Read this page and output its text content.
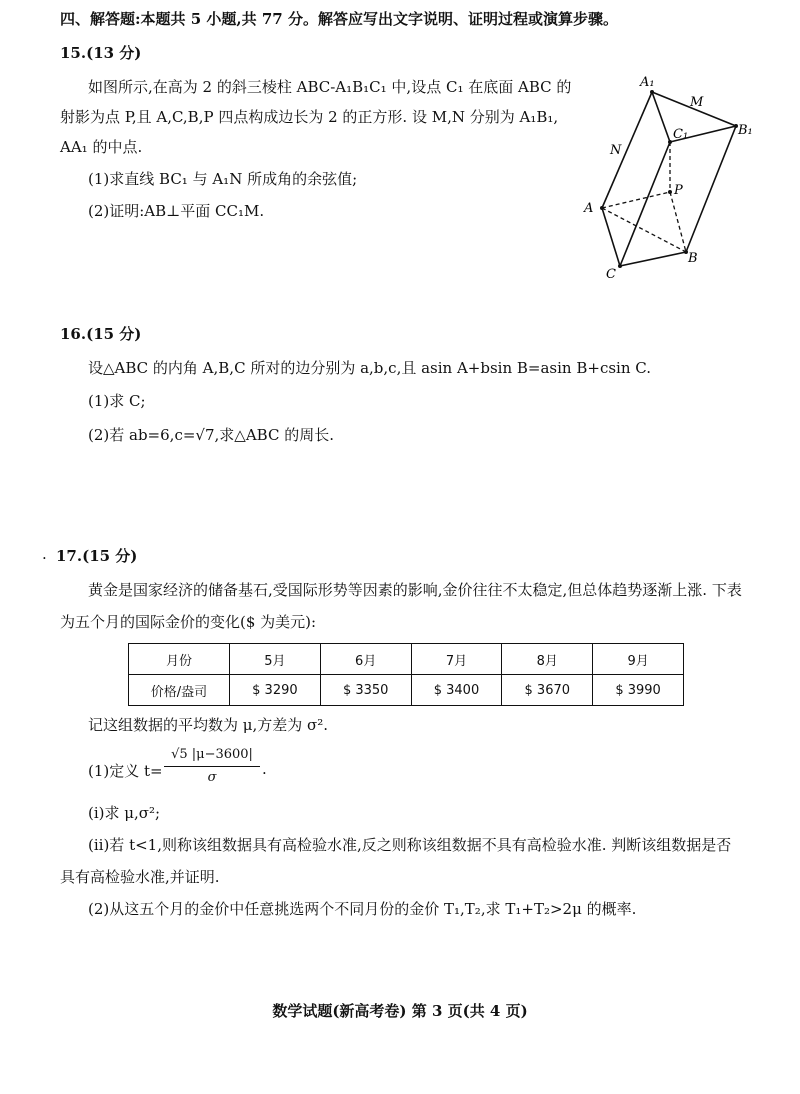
四、解答题:本题共 5 小题,共 77 分。解答应写出文字说明、证明过程或演算步骤。
15.(13 分)
如图所示,在高为 2 的斜三棱柱 ABC-A₁B₁C₁ 中,设点 C₁ 在底面 ABC 的
射影为点 P,且 A,C,B,P 四点构成边长为 2 的正方形. 设 M,N 分别为 A₁B₁,
AA₁ 的中点.
(1)求直线 BC₁ 与 A₁N 所成角的余弦值;
(2)证明:AB⊥平面 CC₁M.
A₁
M
B₁
N
C₁
P
A
B
C
16.(15 分)
设△ABC 的内角 A,B,C 所对的边分别为 a,b,c,且 asin A+bsin B=asin B+csin C.
(1)求 C;
(2)若 ab=6,c=√7,求△ABC 的周长.
. 17.(15 分)
黄金是国家经济的储备基石,受国际形势等因素的影响,金价往往不太稳定,但总体趋势逐渐上涨. 下表
为五个月的国际金价的变化($ 为美元):
月份	5月	6月	7月	8月	9月
价格/盎司	$ 3290	$ 3350	$ 3400	$ 3670	$ 3990
记这组数据的平均数为 μ,方差为 σ².
(1)定义 t=
√5 |μ−3600|
σ	.
(ⅰ)求 μ,σ²;
(ⅱ)若 t<1,则称该组数据具有高检验水准,反之则称该组数据不具有高检验水准. 判断该组数据是否
具有高检验水准,并证明.
(2)从这五个月的金价中任意挑选两个不同月份的金价 T₁,T₂,求 T₁+T₂>2μ 的概率.
数学试题(新高考卷) 第 3 页(共 4 页)
